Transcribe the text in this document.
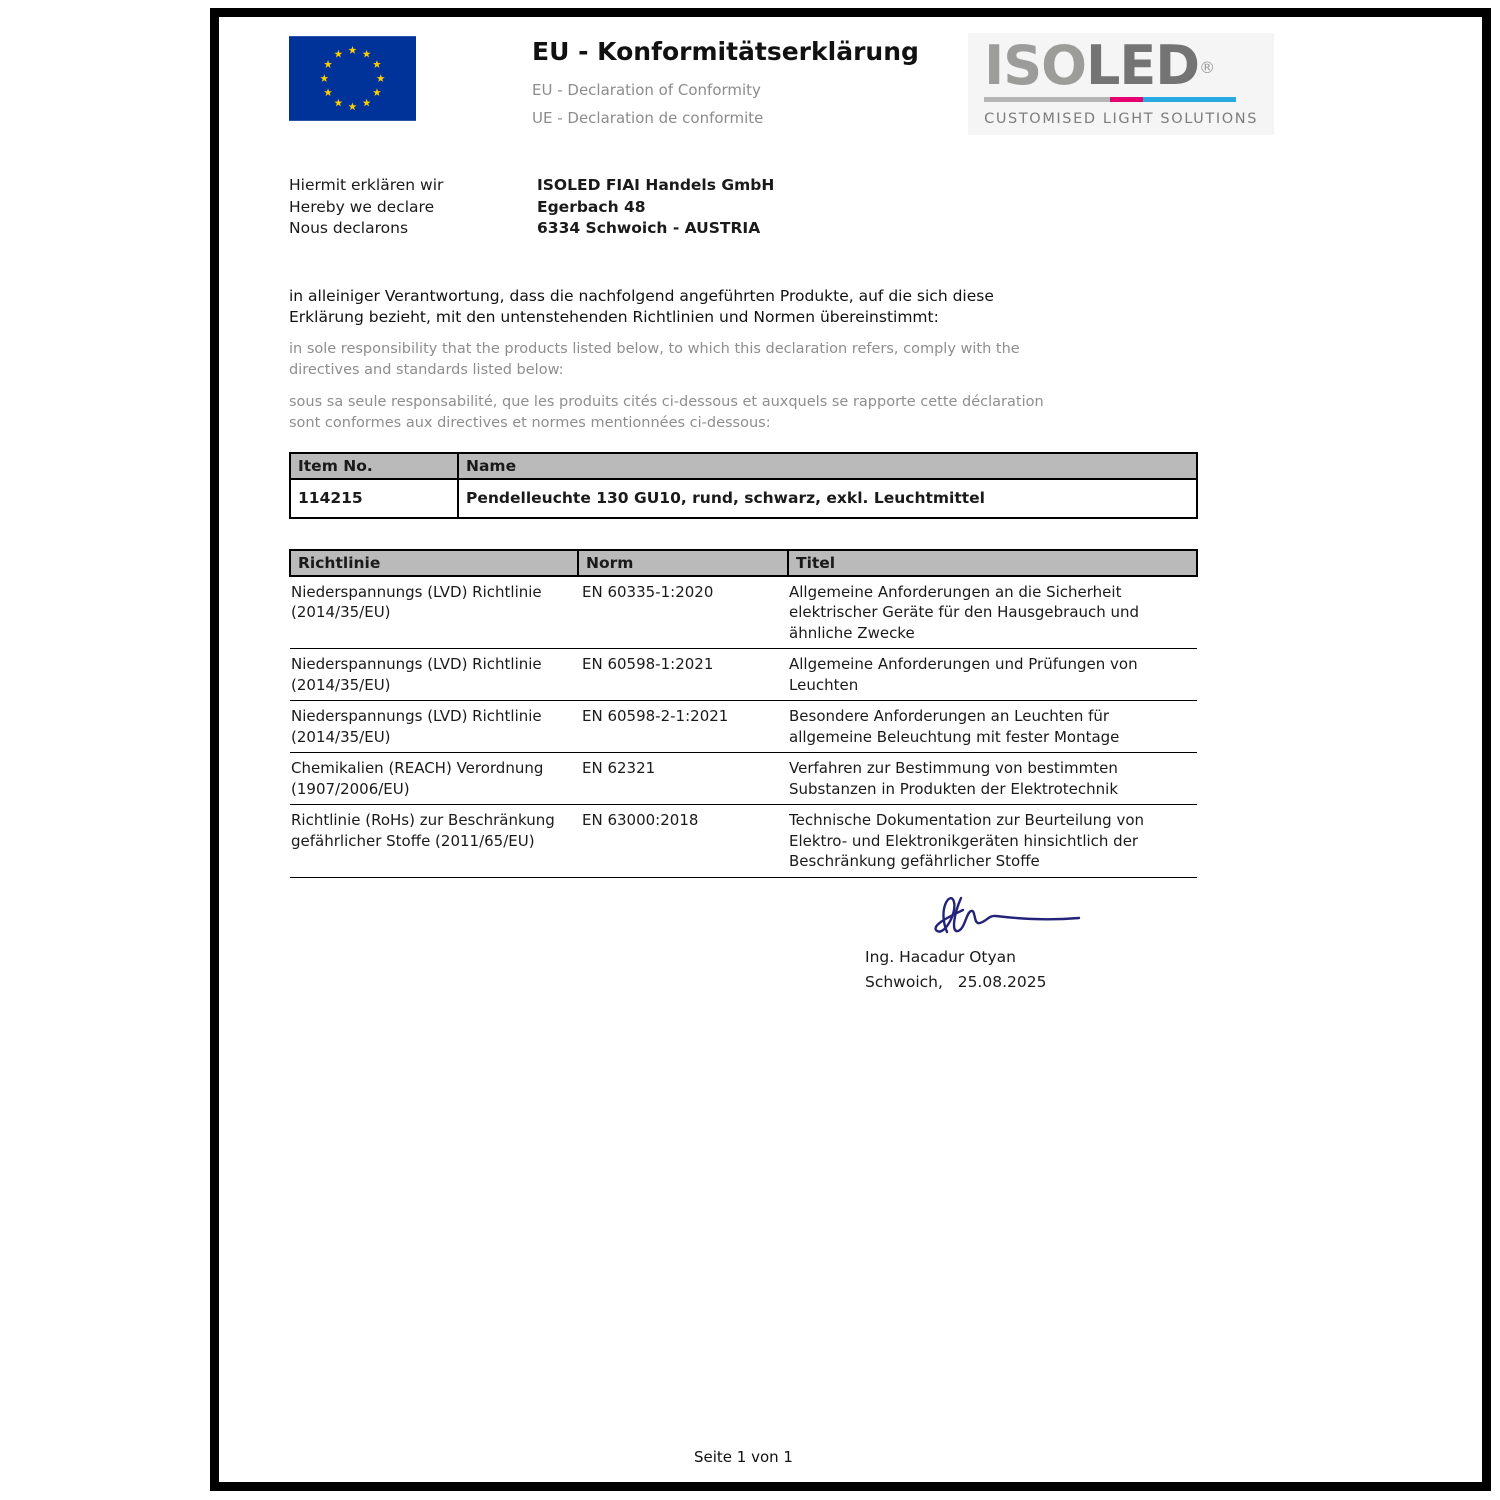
EU - Konformitätserklärung
EU - Declaration of Conformity
UE - Declaration de conformite
ISOLED®
CUSTOMISED LIGHT SOLUTIONS
Hiermit erklären wir
Hereby we declare
Nous declarons
ISOLED FIAI Handels GmbH
Egerbach 48
6334 Schwoich - AUSTRIA

in alleiniger Verantwortung, dass die nachfolgend angeführten Produkte, auf die sich diese Erklärung bezieht, mit den untenstehenden Richtlinien und Normen übereinstimmt:

in sole responsibility that the products listed below, to which this declaration refers, comply with the directives and standards listed below:

sous sa seule responsabilité, que les produits cités ci-dessous et auxquels se rapporte cette déclaration sont conformes aux directives et normes mentionnées ci-dessous:

Item No.	Name
114215	Pendelleuchte 130 GU10, rund, schwarz, exkl. Leuchtmittel
Richtlinie	Norm	Titel
Niederspannungs (LVD) Richtlinie (2014/35/EU)	EN 60335-1:2020	Allgemeine Anforderungen an die Sicherheit elektrischer Geräte für den Hausgebrauch und ähnliche Zwecke
Niederspannungs (LVD) Richtlinie (2014/35/EU)	EN 60598-1:2021	Allgemeine Anforderungen und Prüfungen von Leuchten
Niederspannungs (LVD) Richtlinie (2014/35/EU)	EN 60598-2-1:2021	Besondere Anforderungen an Leuchten für allgemeine Beleuchtung mit fester Montage
Chemikalien (REACH) Verordnung (1907/2006/EU)	EN 62321	Verfahren zur Bestimmung von bestimmten Substanzen in Produkten der Elektrotechnik
Richtlinie (RoHs) zur Beschränkung gefährlicher Stoffe (2011/65/EU)	EN 63000:2018	Technische Dokumentation zur Beurteilung von Elektro- und Elektronikgeräten hinsichtlich der Beschränkung gefährlicher Stoffe
Ing. Hacadur Otyan
Schwoich,   25.08.2025
Seite 1 von 1
